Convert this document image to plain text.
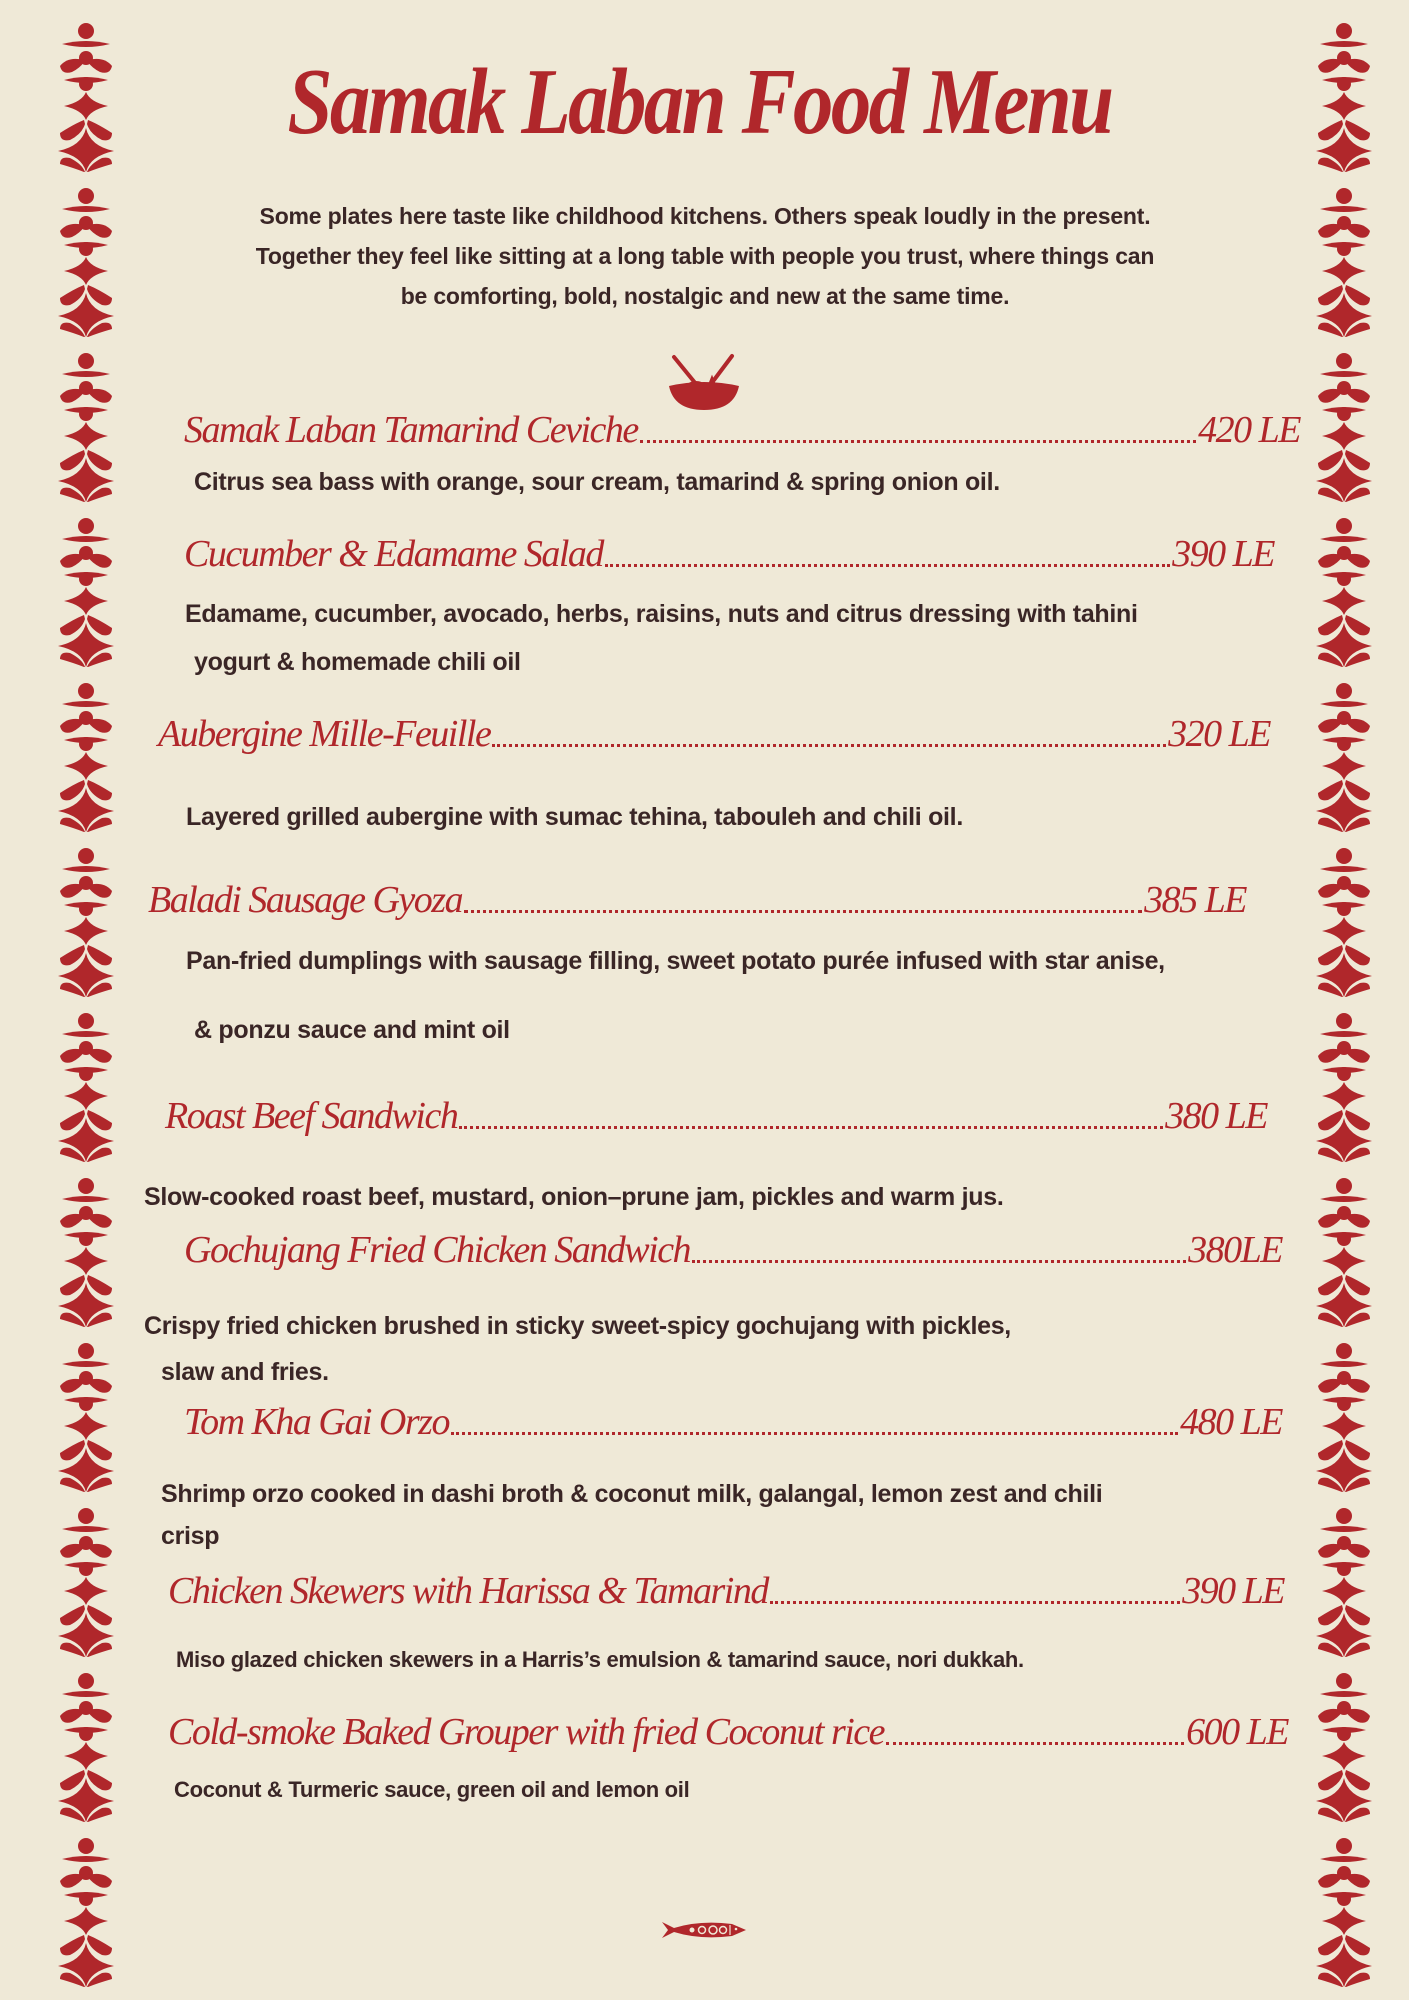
Samak Laban Food Menu
Some plates here taste like childhood kitchens. Others speak loudly in the present.
Together they feel like sitting at a long table with people you trust, where things can
be comforting, bold, nostalgic and new at the same time.
Samak Laban Tamarind Ceviche	420 LE
Citrus sea bass with orange, sour cream, tamarind & spring onion oil.
Cucumber & Edamame Salad	390 LE
Edamame, cucumber, avocado, herbs, raisins, nuts and citrus dressing with tahini
yogurt & homemade chili oil
Aubergine Mille-Feuille	320 LE
Layered grilled aubergine with sumac tehina, tabouleh and chili oil.
Baladi Sausage Gyoza	385 LE
Pan-fried dumplings with sausage filling, sweet potato purée infused with star anise,
& ponzu sauce and mint oil
Roast Beef Sandwich	380 LE
Slow-cooked roast beef, mustard, onion–prune jam, pickles and warm jus.
Gochujang Fried Chicken Sandwich	380LE
Crispy fried chicken brushed in sticky sweet-spicy gochujang with pickles,
slaw and fries.
Tom Kha Gai Orzo	480 LE
Shrimp orzo cooked in dashi broth & coconut milk, galangal, lemon zest and chili
crisp
Chicken Skewers with Harissa & Tamarind	390 LE
Miso glazed chicken skewers in a Harris’s emulsion & tamarind sauce, nori dukkah.
Cold-smoke Baked Grouper with fried Coconut rice	600 LE
Coconut & Turmeric sauce, green oil and lemon oil
